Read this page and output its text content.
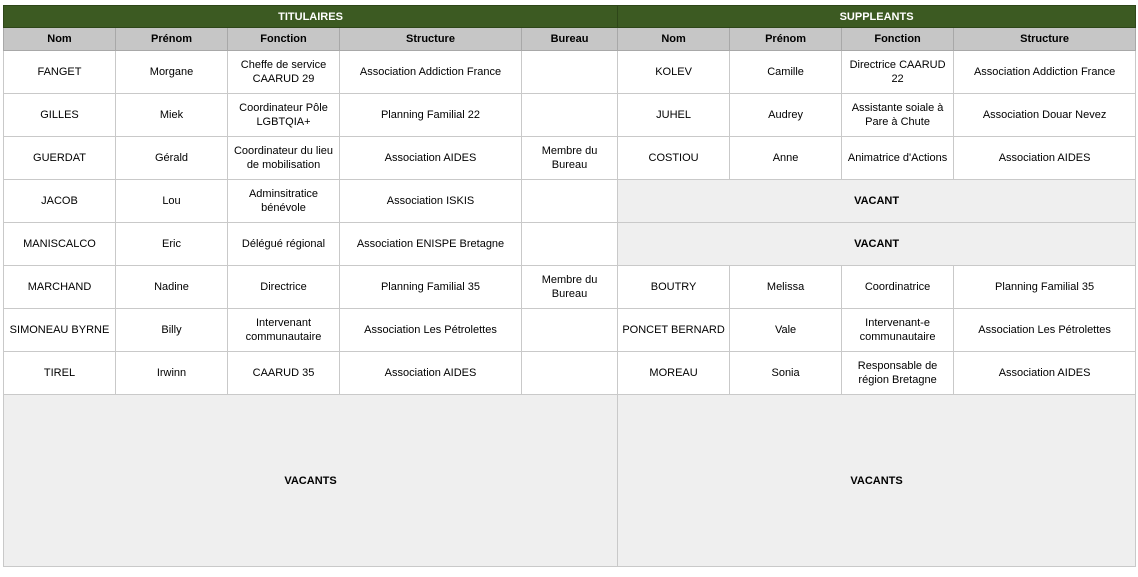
TITULAIRES					SUPPLEANTS			
Nom	Prénom	Fonction	Structure	Bureau	Nom	Prénom	Fonction	Structure
FANGET	Morgane	Cheffe de service CAARUD 29	Association Addiction France		KOLEV	Camille	Directrice CAARUD 22	Association Addiction France
GILLES	Miek	Coordinateur Pôle LGBTQIA+	Planning Familial 22		JUHEL	Audrey	Assistante soiale à Pare à Chute	Association Douar Nevez
GUERDAT	Gérald	Coordinateur du lieu de mobilisation	Association AIDES	Membre du Bureau	COSTIOU	Anne	Animatrice d'Actions	Association AIDES
JACOB	Lou	Adminsitratice bénévole	Association ISKIS		VACANT			
MANISCALCO	Eric	Délégué régional	Association ENISPE Bretagne		VACANT			
MARCHAND	Nadine	Directrice	Planning Familial 35	Membre du Bureau	BOUTRY	Melissa	Coordinatrice	Planning Familial 35
SIMONEAU BYRNE	Billy	Intervenant communautaire	Association Les Pétrolettes		PONCET BERNARD	Vale	Intervenant-e communautaire	Association Les Pétrolettes
TIREL	Irwinn	CAARUD 35	Association AIDES		MOREAU	Sonia	Responsable de région Bretagne	Association AIDES
VACANTS					VACANTS			
